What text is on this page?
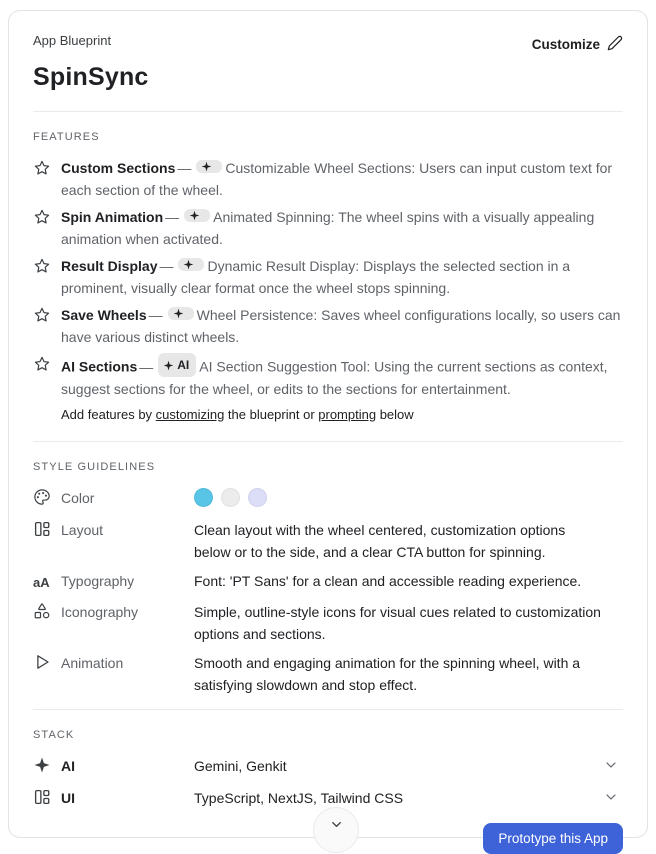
App Blueprint	Customize
SpinSync
FEATURES
Custom Sections — Customizable Wheel Sections: Users can input custom text for each section of the wheel.
Spin Animation — Animated Spinning: The wheel spins with a visually appealing animation when activated.
Result Display — Dynamic Result Display: Displays the selected section in a prominent, visually clear format once the wheel stops spinning.
Save Wheels — Wheel Persistence: Saves wheel configurations locally, so users can have various distinct wheels.
AI Sections — AI AI Section Suggestion Tool: Using the current sections as context, suggest sections for the wheel, or edits to the sections for entertainment.
Add features by customizing the blueprint or prompting below
STYLE GUIDELINES
Color
Layout	Clean layout with the wheel centered, customization options below or to the side, and a clear CTA button for spinning.
aA Typography	Font: 'PT Sans' for a clean and accessible reading experience.
Iconography	Simple, outline-style icons for visual cues related to customization options and sections.
Animation	Smooth and engaging animation for the spinning wheel, with a satisfying slowdown and stop effect.
STACK
AI	Gemini, Genkit
UI	TypeScript, NextJS, Tailwind CSS
Prototype this App
